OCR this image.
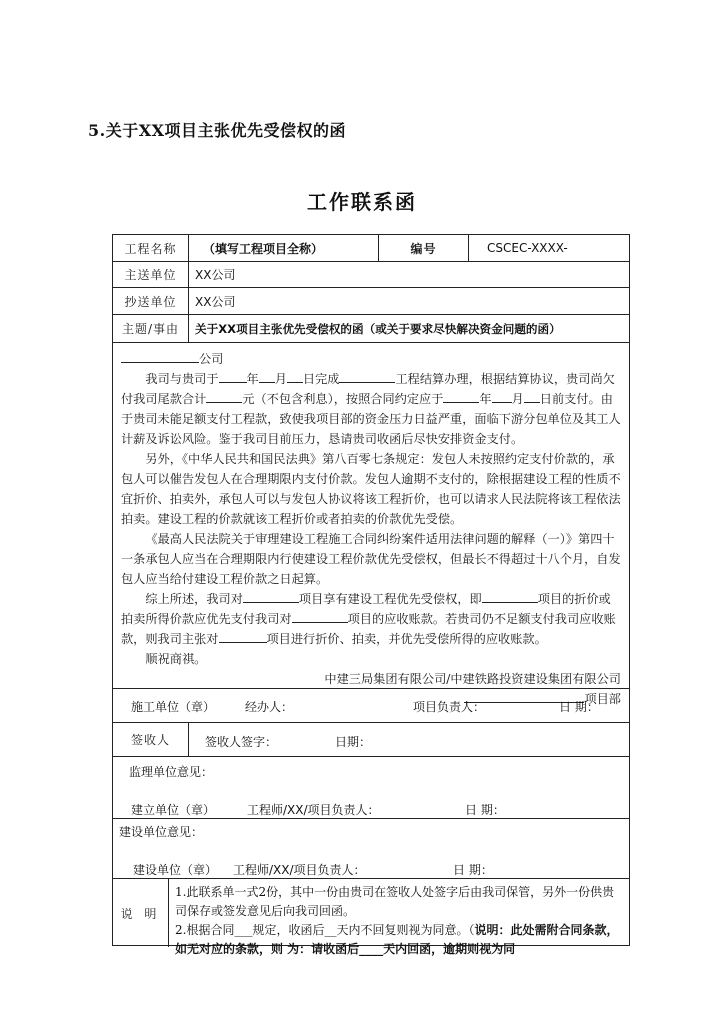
5.关于XX项目主张优先受偿权的函
工作联系函
工程名称	（填写工程项目全称）	编号	CSCEC-XXXX-
主送单位	XX公司
抄送单位	XX公司
主题/事由	关于XX项目主张优先受偿权的函（或关于要求尽快解决资金问题的函）

公司

我司与贵司于 年 月 日完成	工程结算办理，根据结算协议，贵司尚欠付我司尾款合计	元（不包含利息），按照合同约定应于	年 月 日前支付。由于贵司未能足额支付工程款，致使我项目部的资金压力日益严重，面临下游分包单位及其工人计薪及诉讼风险。鉴于我司目前压力，恳请贵司收函后尽快安排资金支付。

另外，《中华人民共和国民法典》第八百零七条规定：发包人未按照约定支付价款的，承包人可以催告发包人在合理期限内支付价款。发包人逾期不支付的，除根据建设工程的性质不宜折价、拍卖外，承包人可以与发包人协议将该工程折价，也可以请求人民法院将该工程依法拍卖。建设工程的价款就该工程折价或者拍卖的价款优先受偿。

《最高人民法院关于审理建设工程施工合同纠纷案件适用法律问题的解释（一）》第四十一条承包人应当在合理期限内行使建设工程价款优先受偿权，但最长不得超过十八个月，自发包人应当给付建设工程价款之日起算。

综上所述，我司对	项目享有建设工程优先受偿权，即	项目的折价或拍卖所得价款应优先支付我司对	项目的应收账款。若贵司仍不足额支付我司应收账款，则我司主张对	项目进行折价、拍卖，并优先受偿所得的应收账款。

顺祝商祺。

中建三局集团有限公司/中建铁路投资建设集团有限公司

项目部

施工单位（章） 经办人：	项目负责人：	日 期：
签收人	签收人签字：	日期：
监理单位意见：
建立单位（章）	工程师/XX/项目负责人：	日 期：
建设单位意见：
建设单位（章） 工程师/XX/项目负责人：	日 期：
说 明
1.此联系单一式2份，其中一份由贵司在签收人处签字后由我司保管，另外一份供贵司保存或签发意见后向我司回函。
2.根据合同___规定，收函后__天内不回复则视为同意。（说明：此处需附合同条款，如无对应的条款，则 为：请收函后____天内回函，逾期则视为同
